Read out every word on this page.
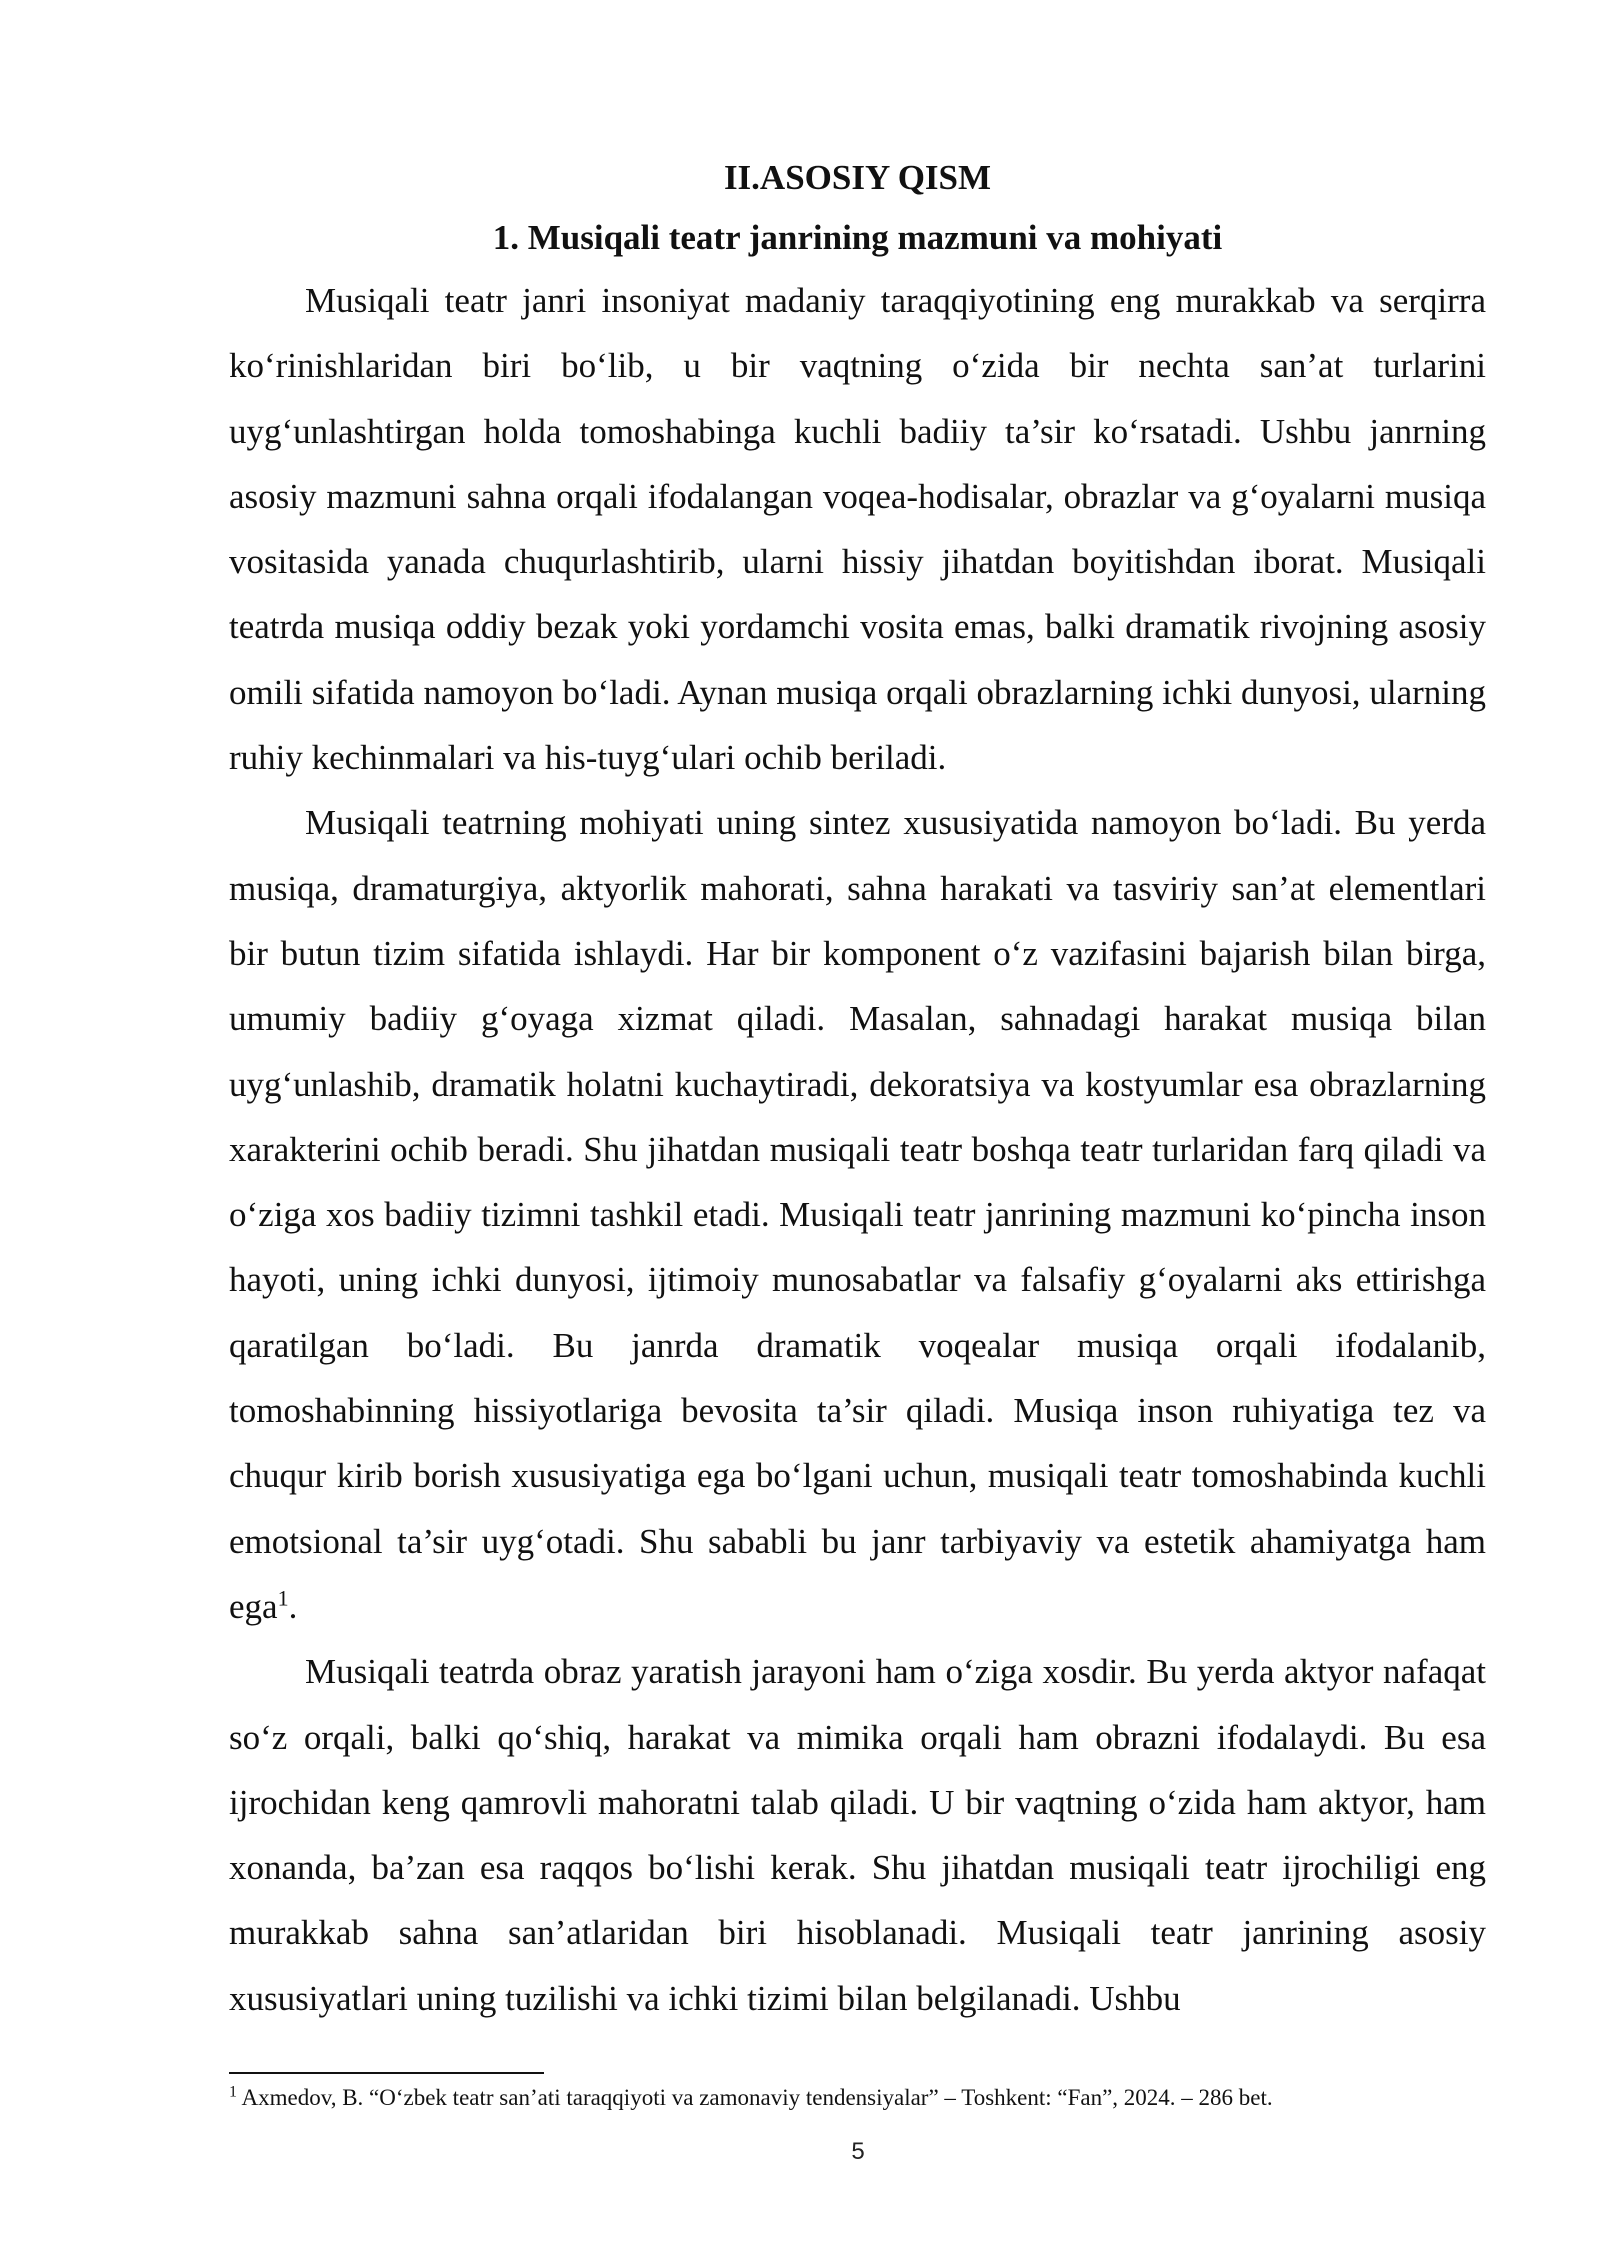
II.ASOSIY QISM
1. Musiqali teatr janrining mazmuni va mohiyati

Musiqali teatr janri insoniyat madaniy taraqqiyotining eng murakkab va serqirra ko‘rinishlaridan biri bo‘lib, u bir vaqtning o‘zida bir nechta san’at turlarini uyg‘unlashtirgan holda tomoshabinga kuchli badiiy ta’sir ko‘rsatadi. Ushbu janrning asosiy mazmuni sahna orqali ifodalangan voqea-hodisalar, obrazlar va g‘oyalarni musiqa vositasida yanada chuqurlashtirib, ularni hissiy jihatdan boyitishdan iborat. Musiqali teatrda musiqa oddiy bezak yoki yordamchi vosita emas, balki dramatik rivojning asosiy omili sifatida namoyon bo‘ladi. Aynan musiqa orqali obrazlarning ichki dunyosi, ularning ruhiy kechinmalari va his-tuyg‘ulari ochib beriladi.

Musiqali teatrning mohiyati uning sintez xususiyatida namoyon bo‘ladi. Bu yerda musiqa, dramaturgiya, aktyorlik mahorati, sahna harakati va tasviriy san’at elementlari bir butun tizim sifatida ishlaydi. Har bir komponent o‘z vazifasini bajarish bilan birga, umumiy badiiy g‘oyaga xizmat qiladi. Masalan, sahnadagi harakat musiqa bilan uyg‘unlashib, dramatik holatni kuchaytiradi, dekoratsiya va kostyumlar esa obrazlarning xarakterini ochib beradi. Shu jihatdan musiqali teatr boshqa teatr turlaridan farq qiladi va o‘ziga xos badiiy tizimni tashkil etadi. Musiqali teatr janrining mazmuni ko‘pincha inson hayoti, uning ichki dunyosi, ijtimoiy munosabatlar va falsafiy g‘oyalarni aks ettirishga qaratilgan bo‘ladi. Bu janrda dramatik voqealar musiqa orqali ifodalanib, tomoshabinning hissiyotlariga bevosita ta’sir qiladi. Musiqa inson ruhiyatiga tez va chuqur kirib borish xususiyatiga ega bo‘lgani uchun, musiqali teatr tomoshabinda kuchli emotsional ta’sir uyg‘otadi. Shu sababli bu janr tarbiyaviy va estetik ahamiyatga ham ega$^1$.

Musiqali teatrda obraz yaratish jarayoni ham o‘ziga xosdir. Bu yerda aktyor nafaqat so‘z orqali, balki qo‘shiq, harakat va mimika orqali ham obrazni ifodalaydi. Bu esa ijrochidan keng qamrovli mahoratni talab qiladi. U bir vaqtning o‘zida ham aktyor, ham xonanda, ba’zan esa raqqos bo‘lishi kerak. Shu jihatdan musiqali teatr ijrochiligi eng murakkab sahna san’atlaridan biri hisoblanadi. Musiqali teatr janrining asosiy xususiyatlari uning tuzilishi va ichki tizimi bilan belgilanadi. Ushbu

$^1$ Axmedov, B. “O‘zbek teatr san’ati taraqqiyoti va zamonaviy tendensiyalar” – Toshkent: “Fan”, 2024. – 286 bet.

5
